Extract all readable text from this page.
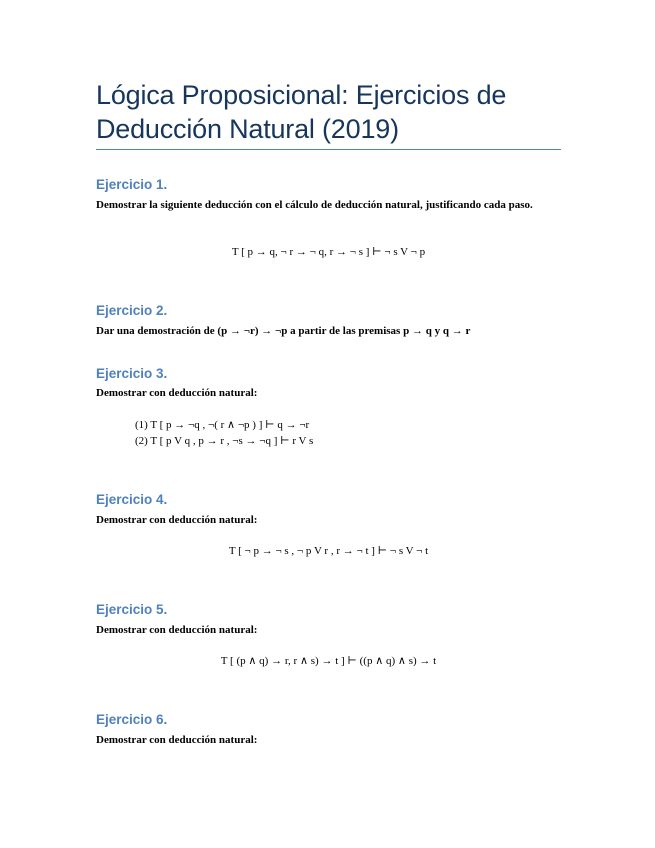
Lógica Proposicional: Ejercicios de Deducción Natural (2019)
Ejercicio 1.
Demostrar la siguiente deducción con el cálculo de deducción natural, justificando cada paso.
T [ p → q, ¬ r → ¬ q, r → ¬ s ] ⊢ ¬ s V ¬ p
Ejercicio 2.
Dar una demostración de (p → ¬r) → ¬p a partir de las premisas p → q y q → r
Ejercicio 3.
Demostrar con deducción natural:
(1) T [ p → ¬q , ¬( r ∧ ¬p ) ] ⊢ q → ¬r
(2) T [ p V q , p → r , ¬s → ¬q ] ⊢ r V s
Ejercicio 4.
Demostrar con deducción natural:
T [ ¬ p → ¬ s , ¬ p V r , r → ¬ t ] ⊢ ¬ s V ¬ t
Ejercicio 5.
Demostrar con deducción natural:
T [ (p ∧ q) → r, r ∧ s) → t ] ⊢ ((p ∧ q) ∧ s) → t
Ejercicio 6.
Demostrar con deducción natural:
